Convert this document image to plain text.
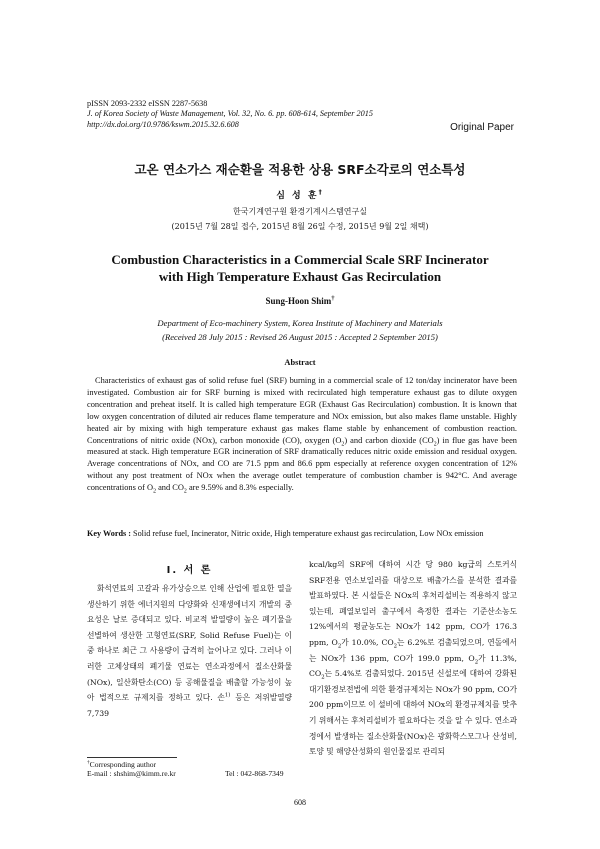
pISSN 2093-2332 eISSN 2287-5638
J. of Korea Society of Waste Management, Vol. 32, No. 6. pp. 608-614, September 2015
http://dx.doi.org/10.9786/kswm.2015.32.6.608	Original Paper
고온 연소가스 재순환을 적용한 상용 SRF소각로의 연소특성
심 성 훈†
한국기계연구원 환경기계시스템연구실
(2015년 7월 28일 접수, 2015년 8월 26일 수정, 2015년 9월 2일 채택)
Combustion Characteristics in a Commercial Scale SRF Incinerator
with High Temperature Exhaust Gas Recirculation
Sung-Hoon Shim†
Department of Eco-machinery System, Korea Institute of Machinery and Materials
(Received 28 July 2015 : Revised 26 August 2015 : Accepted 2 September 2015)
Abstract
Characteristics of exhaust gas of solid refuse fuel (SRF) burning in a commercial scale of 12 ton/day incinerator have been investigated. Combustion air for SRF burning is mixed with recirculated high temperature exhaust gas to dilute oxygen concentration and preheat itself. It is called high temperature EGR (Exhaust Gas Recirculation) combustion. It is known that low oxygen concentration of diluted air reduces flame temperature and NOx emission, but also makes flame unstable. Highly heated air by mixing with high temperature exhaust gas makes flame stable by enhancement of combustion reaction. Concentrations of nitric oxide (NOx), carbon monoxide (CO), oxygen $(O_2)$ and carbon dioxide $(CO_2)$ in flue gas have been measured at stack. High temperature EGR incineration of SRF dramatically reduces nitric oxide emission and residual oxygen. Average concentrations of NOx, and CO are 71.5 ppm and 86.6 ppm especially at reference oxygen concentration of 12% without any post treatment of NOx when the average outlet temperature of combustion chamber is 942°C. And average concentrations of $O_2$ and $CO_2$ are 9.59% and 8.3% especially.
Key Words : Solid refuse fuel, Incinerator, Nitric oxide, High temperature exhaust gas recirculation, Low NOx emission
I. 서 론
화석연료의 고갈과 유가상승으로 인해 산업에 필요한 열을 생산하기 위한 에너지원의 다양화와 신재생에너지 개발의 중요성은 날로 증대되고 있다. 비교적 발열량이 높은 폐기물을 선별하여 생산한 고형연료(SRF, Solid Refuse Fuel)는 이 중 하나로 최근 그 사용량이 급격히 늘어나고 있다. 그러나 이러한 고체상태의 폐기물 연료는 연소과정에서 질소산화물(NOx), 일산화탄소(CO) 등 공해물질을 배출할 가능성이 높아 법적으로 규제치를 정하고 있다. 손$^{1)}$ 등은 저위발열량 7,739
kcal/kg의 SRF에 대하여 시간 당 980 kg급의 스토커식 SRF전용 연소보일러를 대상으로 배출가스를 분석한 결과를 발표하였다. 본 시설들은 NOx의 후처리설비는 적용하지 않고 있는데, 폐열보일러 출구에서 측정한 결과는 기준산소농도 12%에서의 평균농도는 NOx가 142 ppm, CO가 176.3 ppm, $O_2$가 10.0%, $CO_2$는 6.2%로 검출되었으며, 연돌에서는 NOx가 136 ppm, CO가 199.0 ppm, $O_2$가 11.3%, $CO_2$는 5.4%로 검출되었다. 2015년 신설로에 대하여 강화된 대기환경보전법에 의한 환경규제치는 NOx가 90 ppm, CO가 200 ppm이므로 이 설비에 대하여 NOx의 환경규제치를 맞추기 위해서는 후처리설비가 필요하다는 것을 알 수 있다. 연소과정에서 발생하는 질소산화물(NOx)은 광화학스모그나 산성비, 토양 및 해양산성화의 원인물질로 관리되
†Corresponding author
E-mail : shshim@kimm.re.kr	Tel : 042-868-7349
608
